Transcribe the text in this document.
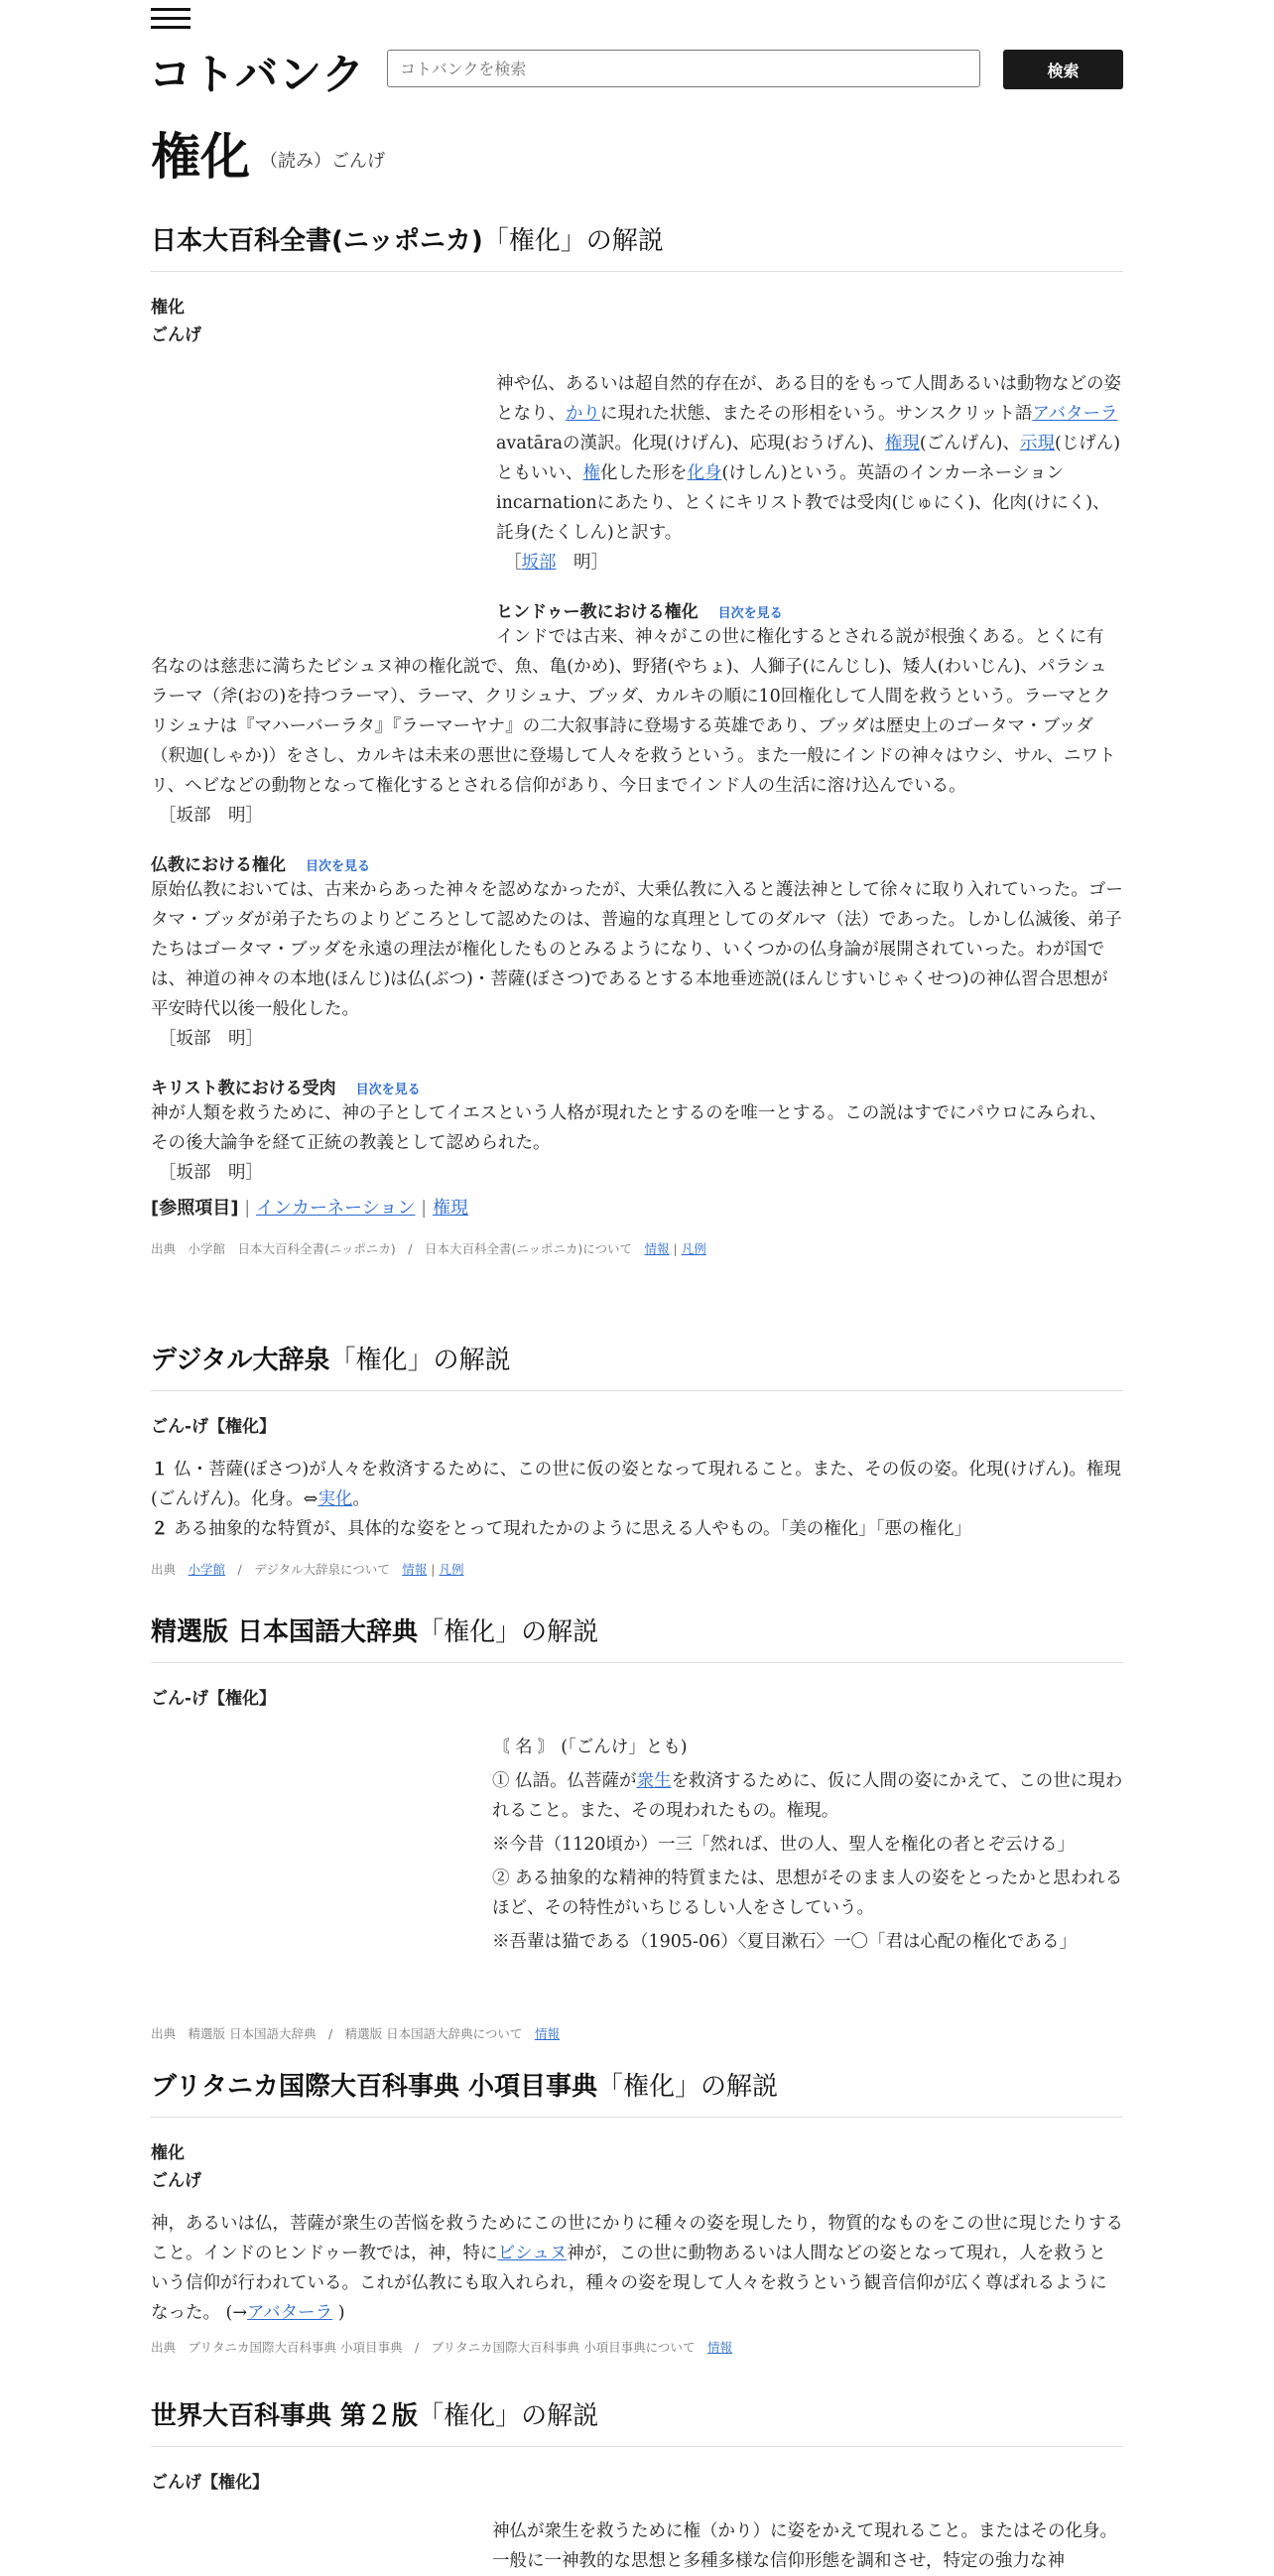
コトバンク
コトバンクを検索	検索
権化 （読み）ごんげ
日本大百科全書(ニッポニカ)「権化」の解説
権化
ごんげ
神や仏、あるいは超自然的存在が、ある目的をもって人間あるいは動物などの姿となり、かりに現れた状態、またその形相をいう。サンスクリット語アバターラavatāraの漢訳。化現(けげん)、応現(おうげん)、権現(ごんげん)、示現(じげん)ともいい、権化した形を化身(けしん)という。英語のインカーネーションincarnationにあたり、とくにキリスト教では受肉(じゅにく)、化肉(けにく)、託身(たくしん)と訳す。
［坂部　明］
ヒンドゥー教における権化 目次を見る
インドでは古来、神々がこの世に権化するとされる説が根強くある。とくに有
名なのは慈悲に満ちたビシュヌ神の権化説で、魚、亀(かめ)、野猪(やちょ)、人獅子(にんじし)、矮人(わいじん)、パラシュラーマ（斧(おの)を持つラーマ）、ラーマ、クリシュナ、ブッダ、カルキの順に10回権化して人間を救うという。ラーマとクリシュナは『マハーバーラタ』『ラーマーヤナ』の二大叙事詩に登場する英雄であり、ブッダは歴史上のゴータマ・ブッダ（釈迦(しゃか)）をさし、カルキは未来の悪世に登場して人々を救うという。また一般にインドの神々はウシ、サル、ニワトリ、ヘビなどの動物となって権化するとされる信仰があり、今日までインド人の生活に溶け込んでいる。
［坂部　明］
仏教における権化 目次を見る
原始仏教においては、古来からあった神々を認めなかったが、大乗仏教に入ると護法神として徐々に取り入れていった。ゴータマ・ブッダが弟子たちのよりどころとして認めたのは、普遍的な真理としてのダルマ（法）であった。しかし仏滅後、弟子たちはゴータマ・ブッダを永遠の理法が権化したものとみるようになり、いくつかの仏身論が展開されていった。わが国では、神道の神々の本地(ほんじ)は仏(ぶつ)・菩薩(ぼさつ)であるとする本地垂迹説(ほんじすいじゃくせつ)の神仏習合思想が平安時代以後一般化した。
［坂部　明］
キリスト教における受肉 目次を見る
神が人類を救うために、神の子としてイエスという人格が現れたとするのを唯一とする。この説はすでにパウロにみられ、その後大論争を経て正統の教義として認められた。
［坂部　明］
[参照項目] | インカーネーション | 権現
出典　小学館　日本大百科全書(ニッポニカ)　/　日本大百科全書(ニッポニカ)について　 情報 | 凡例
デジタル大辞泉「権化」の解説
ごん‐げ【権化】
１ 仏・菩薩(ぼさつ)が人々を救済するために、この世に仮の姿となって現れること。また、その仮の姿。化現(けげん)。権現(ごんげん)。化身。⇔実化。
２ ある抽象的な特質が、具体的な姿をとって現れたかのように思える人やもの。「美の権化」「悪の権化」
出典　小学館　/　デジタル大辞泉について　 情報 | 凡例
精選版 日本国語大辞典「権化」の解説
ごん‐げ【権化】
〘 名 〙 (「ごんけ」とも)
① 仏語。仏菩薩が衆生を救済するために、仮に人間の姿にかえて、この世に現われること。また、その現われたもの。権現。
※今昔（1120頃か）一三「然れば、世の人、聖人を権化の者とぞ云ける」
② ある抽象的な精神的特質または、思想がそのまま人の姿をとったかと思われるほど、その特性がいちじるしい人をさしていう。
※吾輩は猫である（1905‐06）〈夏目漱石〉一〇「君は心配の権化である」
出典　精選版 日本国語大辞典　/　精選版 日本国語大辞典について　 情報
ブリタニカ国際大百科事典 小項目事典「権化」の解説
権化
ごんげ
神，あるいは仏，菩薩が衆生の苦悩を救うためにこの世にかりに種々の姿を現したり，物質的なものをこの世に現じたりすること。インドのヒンドゥー教では，神，特にビシュヌ神が，この世に動物あるいは人間などの姿となって現れ，人を救うという信仰が行われている。これが仏教にも取入れられ，種々の姿を現して人々を救うという観音信仰が広く尊ばれるようになった。 (→アバターラ )
出典　ブリタニカ国際大百科事典 小項目事典　/　ブリタニカ国際大百科事典 小項目事典について　 情報
世界大百科事典 第２版「権化」の解説
ごんげ【権化】
神仏が衆生を救うために権（かり）に姿をかえて現れること。またはその化身。一般に一神教的な思想と多種多様な信仰形態を調和させ，特定の強力な神
